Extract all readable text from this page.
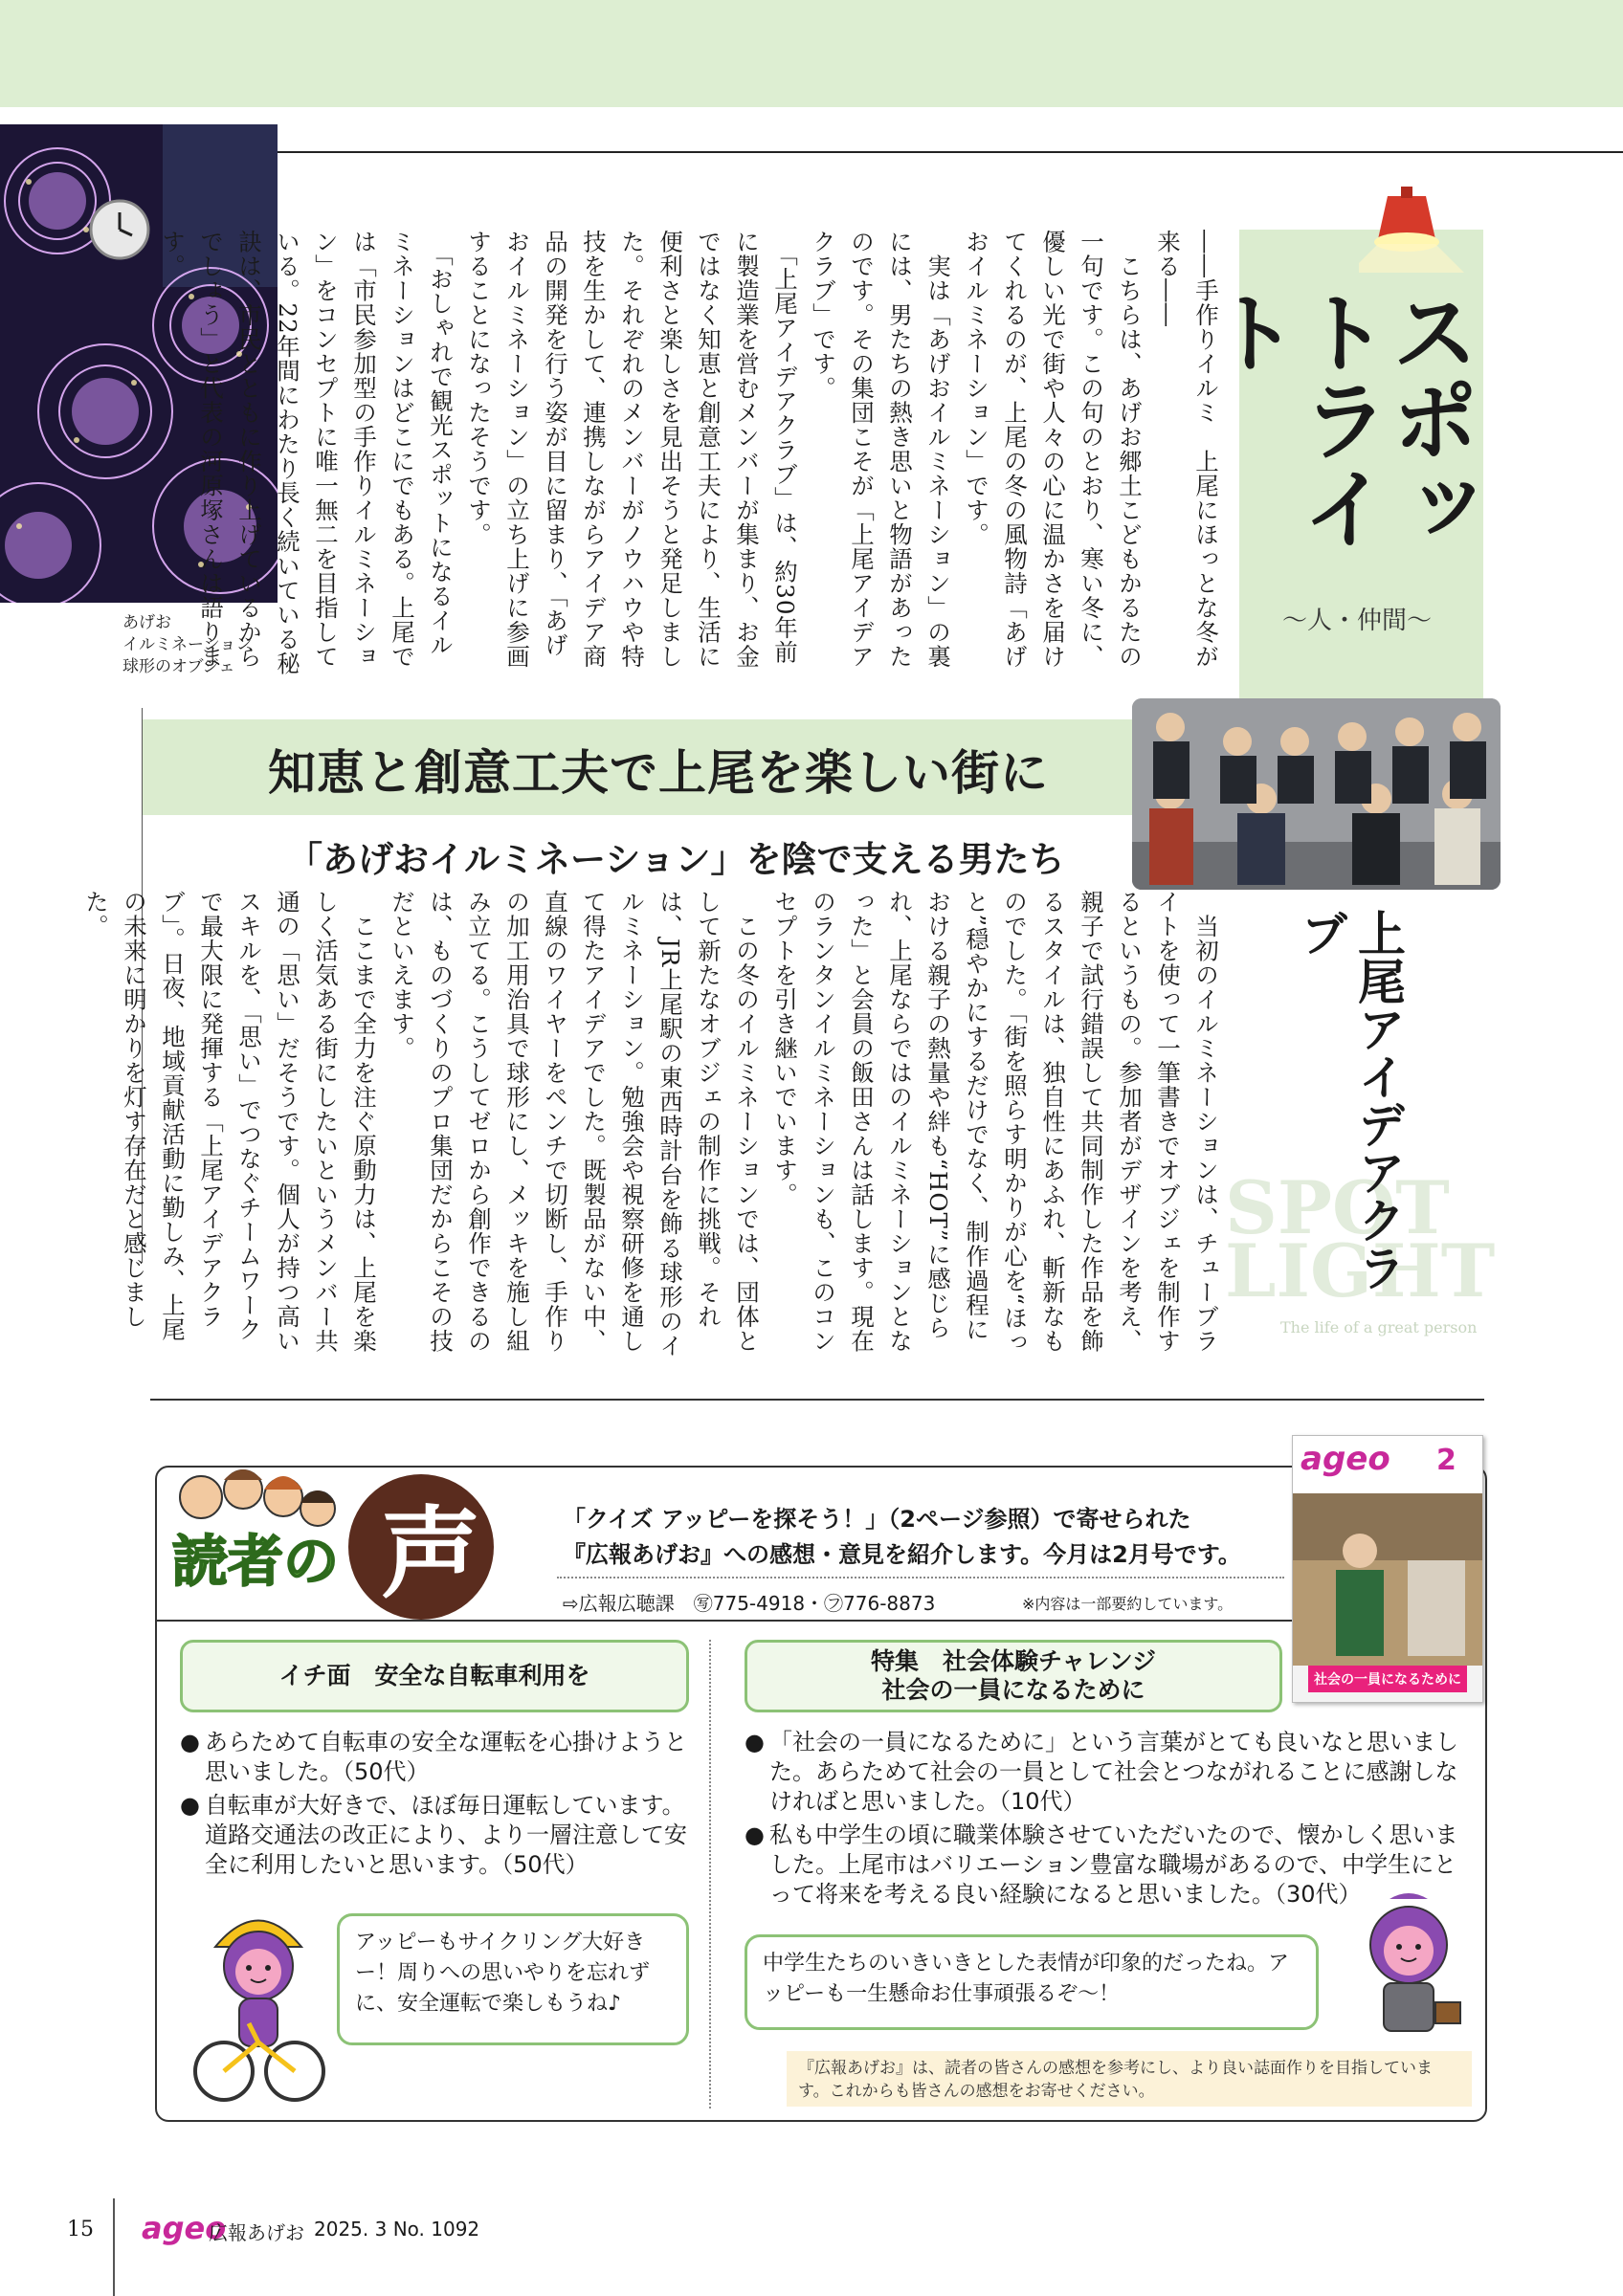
あげお
イルミネーション
球形のオブジェ
スポットライト
〜人・仲間〜
――手作りイルミ　上尾にほっとな冬が来る――
　こちらは、あげお郷土こどもかるたの一句です。この句のとおり、寒い冬に、優しい光で街や人々の心に温かさを届けてくれるのが、上尾の冬の風物詩「あげおイルミネーション」です。
　実は「あげおイルミネーション」の裏には、男たちの熱き思いと物語があったのです。その集団こそが「上尾アイデアクラブ」です。
　「上尾アイデアクラブ」は、約30年前に製造業を営むメンバーが集まり、お金ではなく知恵と創意工夫により、生活に便利さと楽しさを見出そうと発足しました。それぞれのメンバーがノウハウや特技を生かして、連携しながらアイデア商品の開発を行う姿が目に留まり、「あげおイルミネーション」の立ち上げに参画することになったそうです。
　「おしゃれで観光スポットになるイルミネーションはどこにでもある。上尾では「市民参加型の手作りイルミネーション」をコンセプトに唯一無二を目指している。22年間にわたり長く続いている秘訣は、市民とともに作り上げているからでしょう」と代表の河原塚さんは語ります。
知恵と創意工夫で上尾を楽しい街に
「あげおイルミネーション」を陰で支える男たち
　当初のイルミネーションは、チューブライトを使って一筆書きでオブジェを制作するというもの。参加者がデザインを考え、親子で試行錯誤して共同制作した作品を飾るスタイルは、独自性にあふれ、斬新なものでした。「街を照らす明かりが心を“ほっと”穏やかにするだけでなく、制作過程における親子の熱量や絆も“HOT”に感じられ、上尾ならではのイルミネーションとなった」と会員の飯田さんは話します。現在のランタンイルミネーションも、このコンセプトを引き継いでいます。
　この冬のイルミネーションでは、団体として新たなオブジェの制作に挑戦。それは、JR上尾駅の東西時計台を飾る球形のイルミネーション。勉強会や視察研修を通して得たアイデアでした。既製品がない中、直線のワイヤーをペンチで切断し、手作りの加工用治具で球形にし、メッキを施し組み立てる。こうしてゼロから創作できるのは、ものづくりのプロ集団だからこその技だといえます。
　ここまで全力を注ぐ原動力は、上尾を楽しく活気ある街にしたいというメンバー共通の「思い」だそうです。個人が持つ高いスキルを、「思い」でつなぐチームワークで最大限に発揮する「上尾アイデアクラブ」。日夜、地域貢献活動に勤しみ、上尾の未来に明かりを灯す存在だと感じました。
SPOT
LIGHT
The life of a great person
上尾アイデアクラブ
読者の 声 こえ
「クイズ アッピーを探そう！」（2ページ参照）で寄せられた
『広報あげお』への感想・意見を紹介します。今月は2月号です。
⇨広報広聴課　㊢775-4918・㋫776-8873	※内容は一部要約しています。
ageo 2
社会の一員になるために
イチ面　安全な自転車利用を
特集　社会体験チャレンジ
社会の一員になるために
● あらためて自転車の安全な運転を心掛けようと思いました。（50代）
● 自転車が大好きで、ほぼ毎日運転しています。道路交通法の改正により、より一層注意して安全に利用したいと思います。（50代）
● 「社会の一員になるために」という言葉がとても良いなと思いました。あらためて社会の一員として社会とつながれることに感謝しなければと思いました。（10代）
● 私も中学生の頃に職業体験させていただいたので、懐かしく思いました。上尾市はバリエーション豊富な職場があるので、中学生にとって将来を考える良い経験になると思いました。（30代）
アッピーもサイクリング大好きー！周りへの思いやりを忘れずに、安全運転で楽しもうね♪
中学生たちのいきいきとした表情が印象的だったね。アッピーも一生懸命お仕事頑張るぞ〜！
『広報あげお』は、読者の皆さんの感想を参考にし、より良い誌面作りを目指しています。これからも皆さんの感想をお寄せください。
15 ageo
広報あげお 2025. 3 No. 1092
